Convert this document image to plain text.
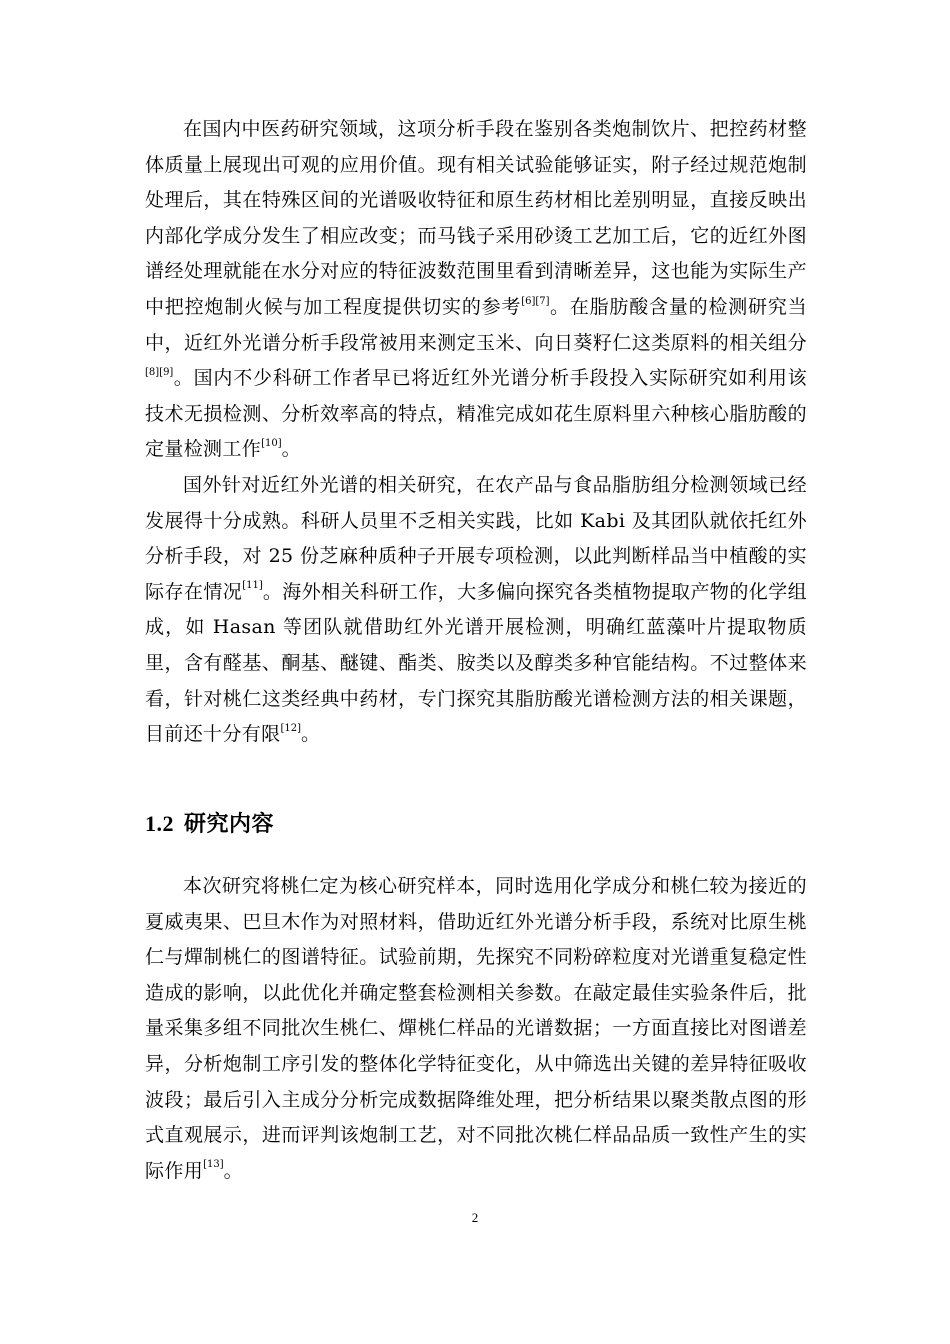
在国内中医药研究领域，这项分析手段在鉴别各类炮制饮片、把控药材整体质量上展现出可观的应用价值。现有相关试验能够证实，附子经过规范炮制处理后，其在特殊区间的光谱吸收特征和原生药材相比差别明显，直接反映出内部化学成分发生了相应改变；而马钱子采用砂烫工艺加工后，它的近红外图谱经处理就能在水分对应的特征波数范围里看到清晰差异，这也能为实际生产中把控炮制火候与加工程度提供切实的参考[6][7]。在脂肪酸含量的检测研究当中，近红外光谱分析手段常被用来测定玉米、向日葵籽仁这类原料的相关组分[8][9]。国内不少科研工作者早已将近红外光谱分析手段投入实际研究如利用该技术无损检测、分析效率高的特点，精准完成如花生原料里六种核心脂肪酸的定量检测工作[10]。

国外针对近红外光谱的相关研究，在农产品与食品脂肪组分检测领域已经发展得十分成熟。科研人员里不乏相关实践，比如 Kabi 及其团队就依托红外分析手段，对 25 份芝麻种质种子开展专项检测，以此判断样品当中植酸的实际存在情况[11]。海外相关科研工作，大多偏向探究各类植物提取产物的化学组成，如 Hasan 等团队就借助红外光谱开展检测，明确红蓝藻叶片提取物质里，含有醛基、酮基、醚键、酯类、胺类以及醇类多种官能结构。不过整体来看，针对桃仁这类经典中药材，专门探究其脂肪酸光谱检测方法的相关课题，目前还十分有限[12]。

1.2 研究内容

本次研究将桃仁定为核心研究样本，同时选用化学成分和桃仁较为接近的夏威夷果、巴旦木作为对照材料，借助近红外光谱分析手段，系统对比原生桃仁与燀制桃仁的图谱特征。试验前期，先探究不同粉碎粒度对光谱重复稳定性造成的影响，以此优化并确定整套检测相关参数。在敲定最佳实验条件后，批量采集多组不同批次生桃仁、燀桃仁样品的光谱数据；一方面直接比对图谱差异，分析炮制工序引发的整体化学特征变化，从中筛选出关键的差异特征吸收波段；最后引入主成分分析完成数据降维处理，把分析结果以聚类散点图的形式直观展示，进而评判该炮制工艺，对不同批次桃仁样品品质一致性产生的实际作用[13]。

2
